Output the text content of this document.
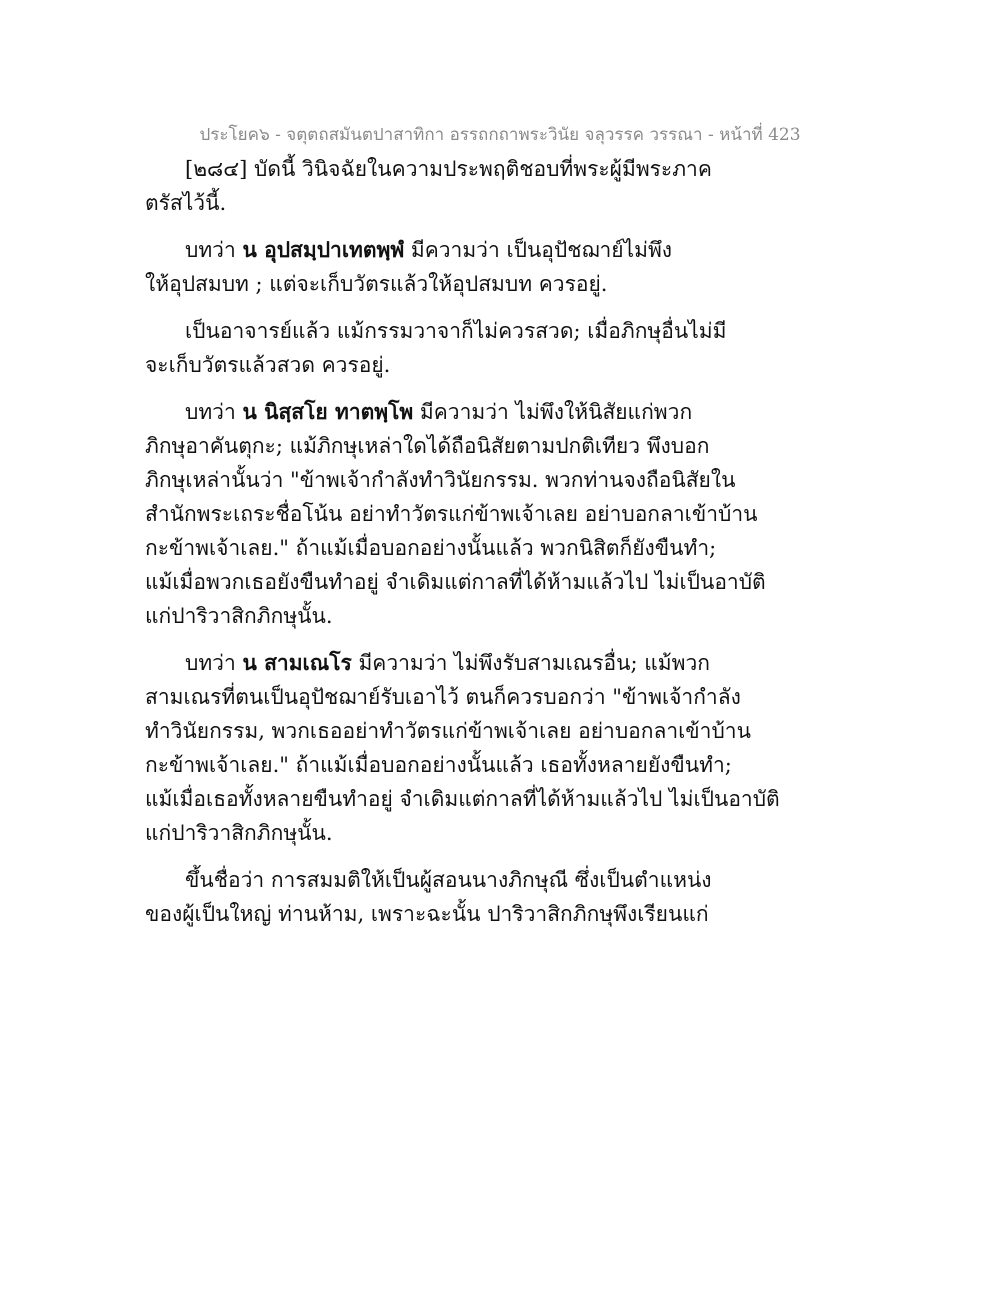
ประโยค๖ - จตุตถสมันตปาสาทิกา อรรถกถาพระวินัย จลุวรรค วรรณา - หน้าที่ 423
[๒๘๔] บัดนี้ วินิจฉัยในความประพฤติชอบที่พระผู้มีพระภาค
ตรัสไว้นี้.
บทว่า น อุปสมฺปาเทตพฺพํ มีความว่า เป็นอุปัชฌาย์ไม่พึง
ให้อุปสมบท ; แต่จะเก็บวัตรแล้วให้อุปสมบท ควรอยู่.
เป็นอาจารย์แล้ว แม้กรรมวาจาก็ไม่ควรสวด; เมื่อภิกษุอื่นไม่มี
จะเก็บวัตรแล้วสวด ควรอยู่.
บทว่า น นิสฺสโย ทาตพฺโพ มีความว่า ไม่พึงให้นิสัยแก่พวก
ภิกษุอาคันตุกะ; แม้ภิกษุเหล่าใดได้ถือนิสัยตามปกติเทียว พึงบอก
ภิกษุเหล่านั้นว่า "ข้าพเจ้ากำลังทำวินัยกรรม. พวกท่านจงถือนิสัยใน
สำนักพระเถระชื่อโน้น อย่าทำวัตรแก่ข้าพเจ้าเลย อย่าบอกลาเข้าบ้าน
กะข้าพเจ้าเลย." ถ้าแม้เมื่อบอกอย่างนั้นแล้ว พวกนิสิตก็ยังขืนทำ;
แม้เมื่อพวกเธอยังขืนทำอยู่ จำเดิมแต่กาลที่ได้ห้ามแล้วไป ไม่เป็นอาบัติ
แก่ปาริวาสิกภิกษุนั้น.
บทว่า น สามเณโร มีความว่า ไม่พึงรับสามเณรอื่น; แม้พวก
สามเณรที่ตนเป็นอุปัชฌาย์รับเอาไว้ ตนก็ควรบอกว่า "ข้าพเจ้ากำลัง
ทำวินัยกรรม, พวกเธออย่าทำวัตรแก่ข้าพเจ้าเลย อย่าบอกลาเข้าบ้าน
กะข้าพเจ้าเลย." ถ้าแม้เมื่อบอกอย่างนั้นแล้ว เธอทั้งหลายยังขืนทำ;
แม้เมื่อเธอทั้งหลายขืนทำอยู่ จำเดิมแต่กาลที่ได้ห้ามแล้วไป ไม่เป็นอาบัติ
แก่ปาริวาสิกภิกษุนั้น.
ขึ้นชื่อว่า การสมมติให้เป็นผู้สอนนางภิกษุณี ซึ่งเป็นตำแหน่ง
ของผู้เป็นใหญ่ ท่านห้าม, เพราะฉะนั้น ปาริวาสิกภิกษุพึงเรียนแก่
